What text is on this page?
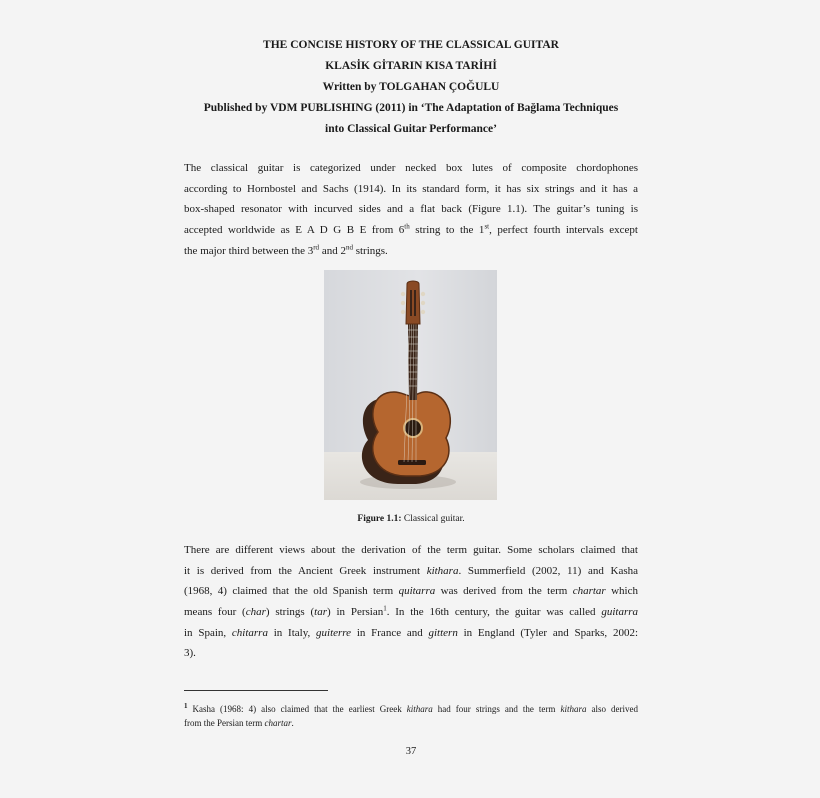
THE CONCISE HISTORY OF THE CLASSICAL GUITAR
KLASİK GİTARIN KISA TARİHİ
Written by TOLGAHAN ÇOĞULU
Published by VDM PUBLISHING (2011) in ‘The Adaptation of Bağlama Techniques
into Classical Guitar Performance’
The classical guitar is categorized under necked box lutes of composite chordophones
according to Hornbostel and Sachs (1914). In its standard form, it has six strings and it has a
box-shaped resonator with incurved sides and a flat back (Figure 1.1). The guitar’s tuning is
accepted worldwide as E A D G B E from 6th string to the 1st, perfect fourth intervals except
the major third between the 3rd and 2nd strings.
Figure 1.1: Classical guitar.
There are different views about the derivation of the term guitar. Some scholars claimed that
it is derived from the Ancient Greek instrument kithara. Summerfield (2002, 11) and Kasha
(1968, 4) claimed that the old Spanish term quitarra was derived from the term chartar which
means four (char) strings (tar) in Persian$^1$. In the 16th century, the guitar was called guitarra
in Spain, chitarra in Italy, guiterre in France and gittern in England (Tyler and Sparks, 2002:
3).
$^1$ Kasha (1968: 4) also claimed that the earliest Greek kithara had four strings and the term kithara also derived
from the Persian term chartar.
37
